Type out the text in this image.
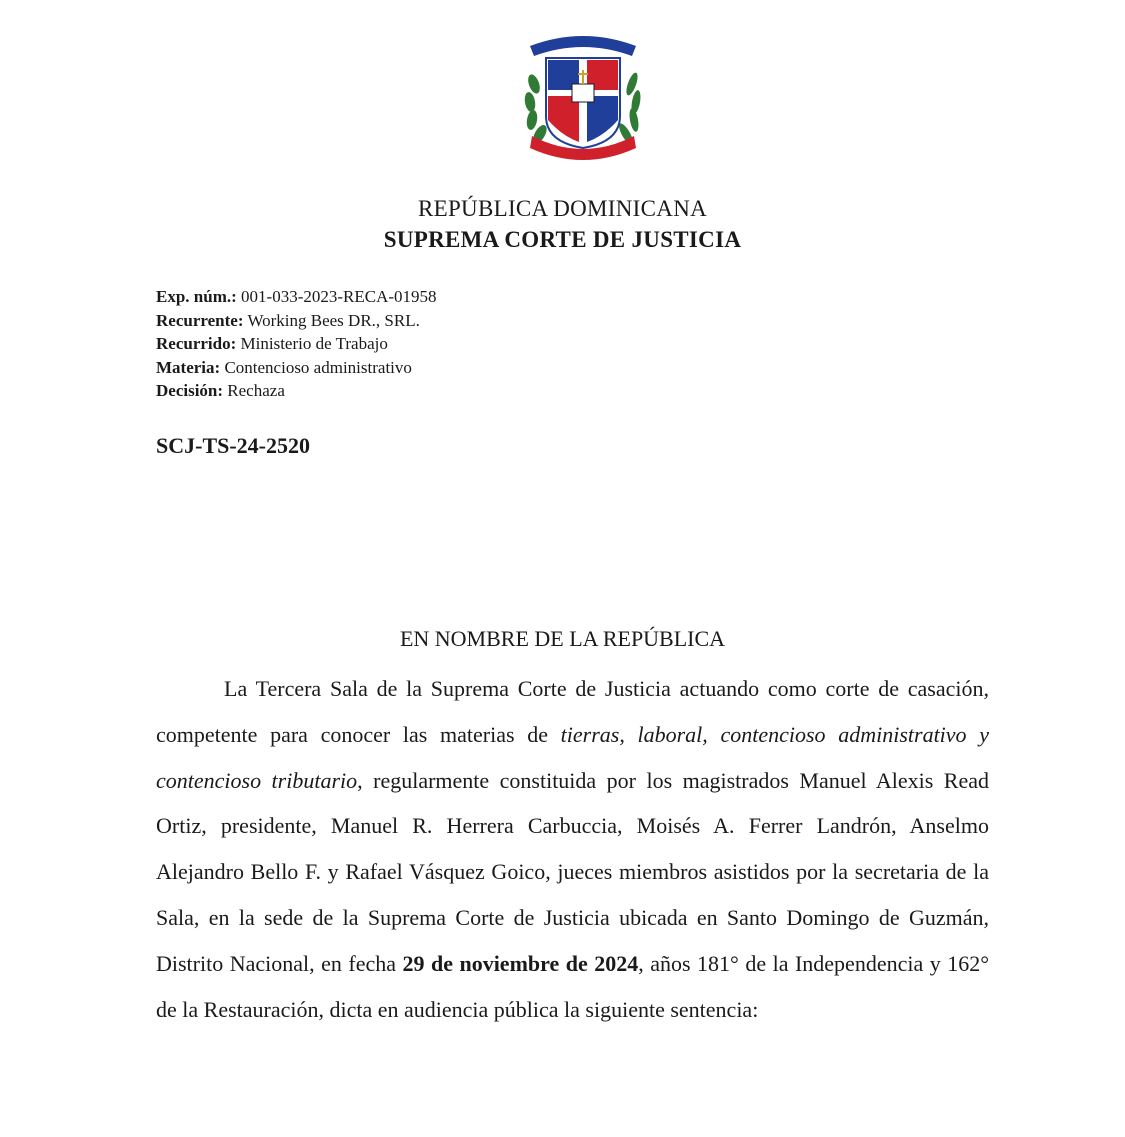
REPÚBLICA DOMINICANA
SUPREMA CORTE DE JUSTICIA
Exp. núm.: 001-033-2023-RECA-01958
Recurrente: Working Bees DR., SRL.
Recurrido: Ministerio de Trabajo
Materia: Contencioso administrativo
Decisión: Rechaza
SCJ-TS-24-2520
EN NOMBRE DE LA REPÚBLICA
La Tercera Sala de la Suprema Corte de Justicia actuando como corte de casación, competente para conocer las materias de tierras, laboral, contencioso administrativo y contencioso tributario, regularmente constituida por los magistrados Manuel Alexis Read Ortiz, presidente, Manuel R. Herrera Carbuccia, Moisés A. Ferrer Landrón, Anselmo Alejandro Bello F. y Rafael Vásquez Goico, jueces miembros asistidos por la secretaria de la Sala, en la sede de la Suprema Corte de Justicia ubicada en Santo Domingo de Guzmán, Distrito Nacional, en fecha 29 de noviembre de 2024, años 181° de la Independencia y 162° de la Restauración, dicta en audiencia pública la siguiente sentencia:
